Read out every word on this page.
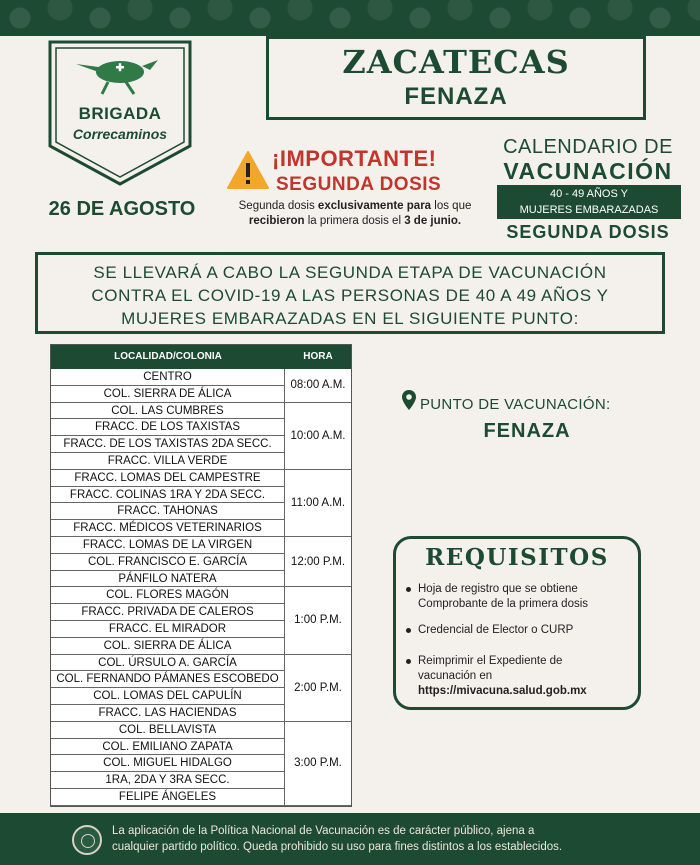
BRIGADA
Correcaminos
26 DE AGOSTO
ZACATECAS
FENAZA
¡IMPORTANTE!
SEGUNDA DOSIS
Segunda dosis exclusivamente para los que
recibieron la primera dosis el 3 de junio.
CALENDARIO DE
VACUNACIÓN
40 - 49 AÑOS Y
MUJERES EMBARAZADAS
SEGUNDA DOSIS
SE LLEVARÁ A CABO LA SEGUNDA ETAPA DE VACUNACIÓN
CONTRA EL COVID-19 A LAS PERSONAS DE 40 A 49 AÑOS Y
MUJERES EMBARAZADAS EN EL SIGUIENTE PUNTO:
LOCALIDAD/COLONIA	HORA
CENTRO
COL. SIERRA DE ÁLICA
08:00 A.M.
COL. LAS CUMBRES
FRACC. DE LOS TAXISTAS
FRACC. DE LOS TAXISTAS 2DA SECC.
FRACC. VILLA VERDE
10:00 A.M.
FRACC. LOMAS DEL CAMPESTRE
FRACC. COLINAS 1RA Y 2DA SECC.
FRACC. TAHONAS
FRACC. MÉDICOS VETERINARIOS
11:00 A.M.
FRACC. LOMAS DE LA VIRGEN
COL. FRANCISCO E. GARCÍA
PÁNFILO NATERA
12:00 P.M.
COL. FLORES MAGÓN
FRACC. PRIVADA DE CALEROS
FRACC. EL MIRADOR
COL. SIERRA DE ÁLICA
1:00 P.M.
COL. ÚRSULO A. GARCÍA
COL. FERNANDO PÁMANES ESCOBEDO
COL. LOMAS DEL CAPULÍN
FRACC. LAS HACIENDAS
2:00 P.M.
COL. BELLAVISTA
COL. EMILIANO ZAPATA
COL. MIGUEL HIDALGO
1RA, 2DA Y 3RA SECC.
FELIPE ÁNGELES
3:00 P.M.
PUNTO DE VACUNACIÓN:
FENAZA
REQUISITOS
Hoja de registro que se obtiene
Comprobante de la primera dosis
Credencial de Elector o CURP
Reimprimir el Expediente de
vacunación en
https://mivacuna.salud.gob.mx
La aplicación de la Política Nacional de Vacunación es de carácter público, ajena a
cualquier partido político. Queda prohibido su uso para fines distintos a los establecidos.
